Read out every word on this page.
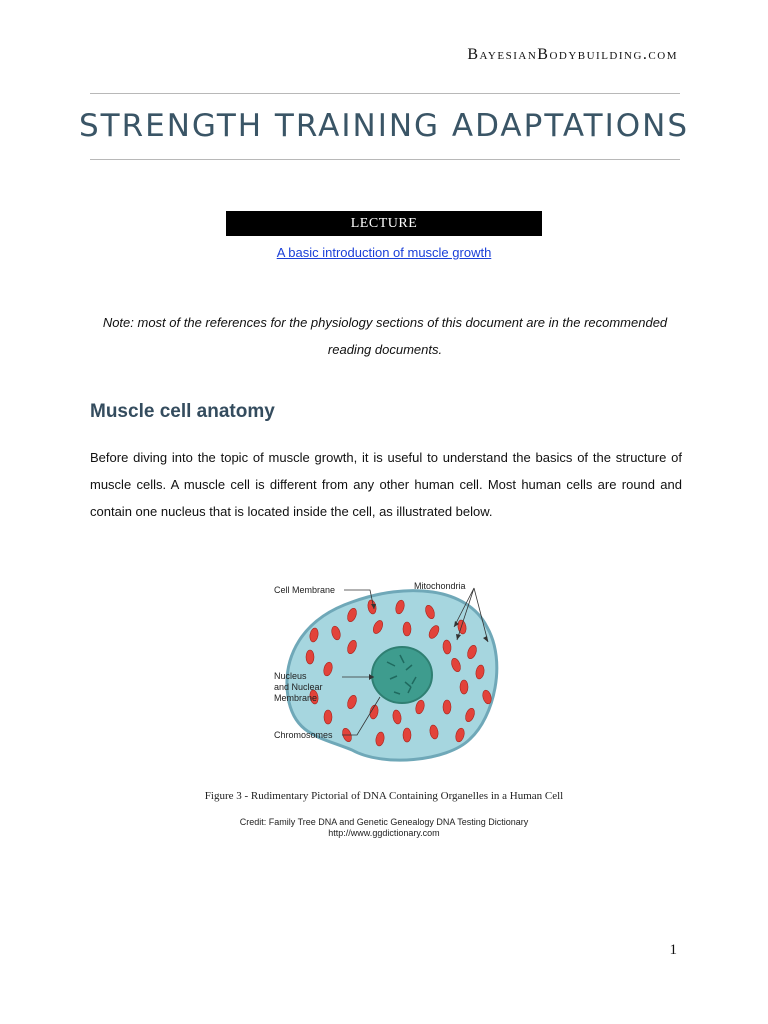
BayesianBodybuilding.com
STRENGTH TRAINING ADAPTATIONS
LECTURE
A basic introduction of muscle growth
Note: most of the references for the physiology sections of this document are in the recommended reading documents.
Muscle cell anatomy
Before diving into the topic of muscle growth, it is useful to understand the basics of the structure of muscle cells. A muscle cell is different from any other human cell. Most human cells are round and contain one nucleus that is located inside the cell, as illustrated below.
Cell Membrane	Mitochondria
Nucleus
and Nuclear
Membrane
Chromosomes
Figure 3 - Rudimentary Pictorial of DNA Containing Organelles in a Human Cell
Credit: Family Tree DNA and Genetic Genealogy DNA Testing Dictionary
http://www.ggdictionary.com
1
